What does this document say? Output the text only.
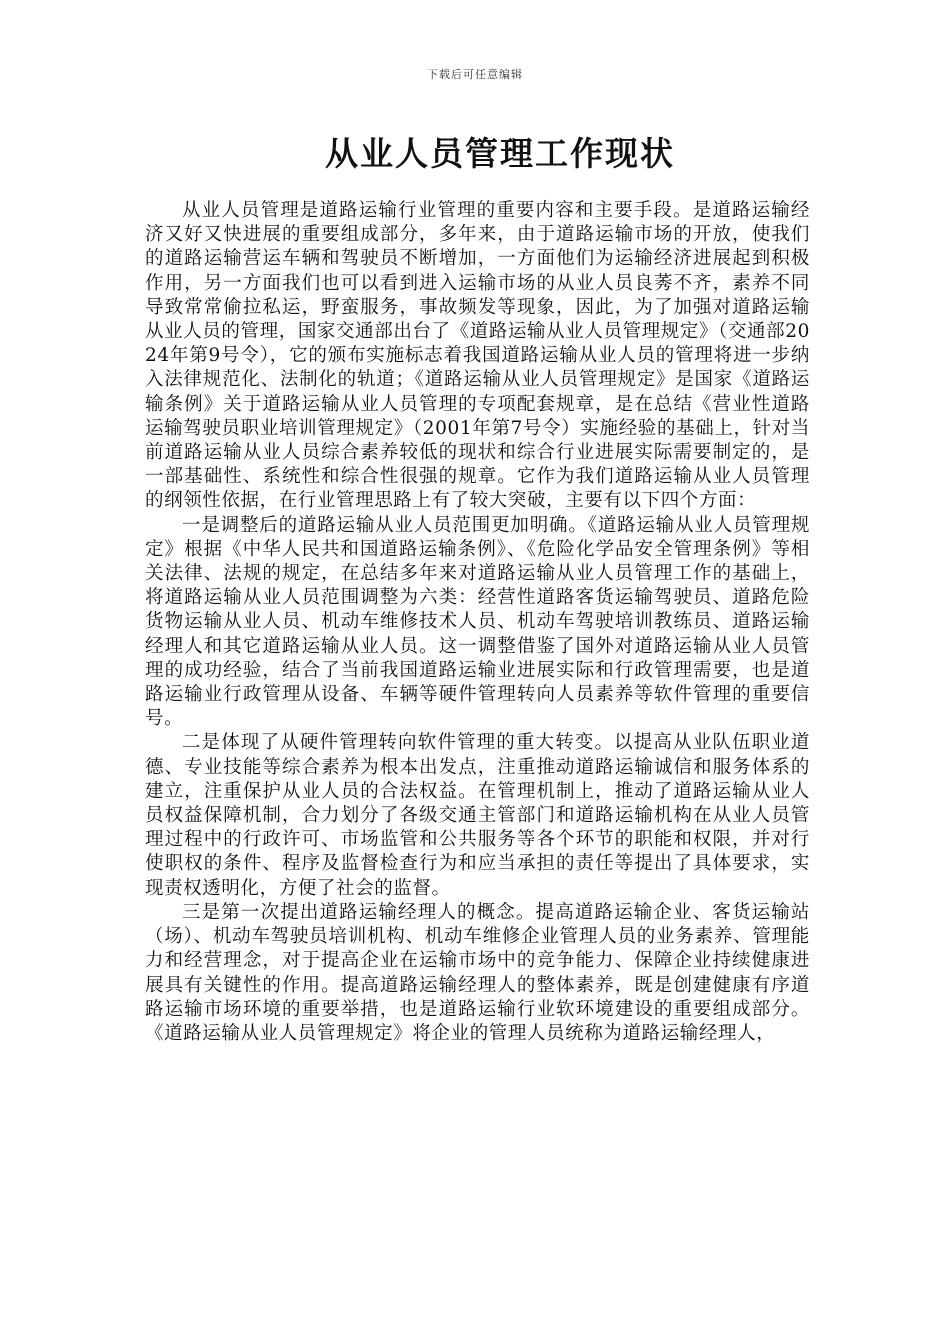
下载后可任意编辑
从业人员管理工作现状

从业人员管理是道路运输行业管理的重要内容和主要手段。是道路运输经济又好又快进展的重要组成部分，多年来，由于道路运输市场的开放，使我们的道路运输营运车辆和驾驶员不断增加，一方面他们为运输经济进展起到积极作用，另一方面我们也可以看到进入运输市场的从业人员良莠不齐，素养不同导致常常偷拉私运，野蛮服务，事故频发等现象，因此，为了加强对道路运输从业人员的管理，国家交通部出台了《道路运输从业人员管理规定》（交通部2024年第9号令），它的颁布实施标志着我国道路运输从业人员的管理将进一步纳入法律规范化、法制化的轨道；《道路运输从业人员管理规定》是国家《道路运输条例》关于道路运输从业人员管理的专项配套规章，是在总结《营业性道路运输驾驶员职业培训管理规定》（2001年第7号令）实施经验的基础上，针对当前道路运输从业人员综合素养较低的现状和综合行业进展实际需要制定的，是一部基础性、系统性和综合性很强的规章。它作为我们道路运输从业人员管理的纲领性依据，在行业管理思路上有了较大突破，主要有以下四个方面：

一是调整后的道路运输从业人员范围更加明确。《道路运输从业人员管理规定》根据《中华人民共和国道路运输条例》、《危险化学品安全管理条例》等相关法律、法规的规定，在总结多年来对道路运输从业人员管理工作的基础上，将道路运输从业人员范围调整为六类：经营性道路客货运输驾驶员、道路危险货物运输从业人员、机动车维修技术人员、机动车驾驶培训教练员、道路运输经理人和其它道路运输从业人员。这一调整借鉴了国外对道路运输从业人员管理的成功经验，结合了当前我国道路运输业进展实际和行政管理需要，也是道路运输业行政管理从设备、车辆等硬件管理转向人员素养等软件管理的重要信号。

二是体现了从硬件管理转向软件管理的重大转变。以提高从业队伍职业道德、专业技能等综合素养为根本出发点，注重推动道路运输诚信和服务体系的建立，注重保护从业人员的合法权益。在管理机制上，推动了道路运输从业人员权益保障机制，合力划分了各级交通主管部门和道路运输机构在从业人员管理过程中的行政许可、市场监管和公共服务等各个环节的职能和权限，并对行使职权的条件、程序及监督检查行为和应当承担的责任等提出了具体要求，实现责权透明化，方便了社会的监督。

三是第一次提出道路运输经理人的概念。提高道路运输企业、客货运输站（场）、机动车驾驶员培训机构、机动车维修企业管理人员的业务素养、管理能力和经营理念，对于提高企业在运输市场中的竞争能力、保障企业持续健康进展具有关键性的作用。提高道路运输经理人的整体素养，既是创建健康有序道路运输市场环境的重要举措，也是道路运输行业软环境建设的重要组成部分。《道路运输从业人员管理规定》将企业的管理人员统称为道路运输经理人，
